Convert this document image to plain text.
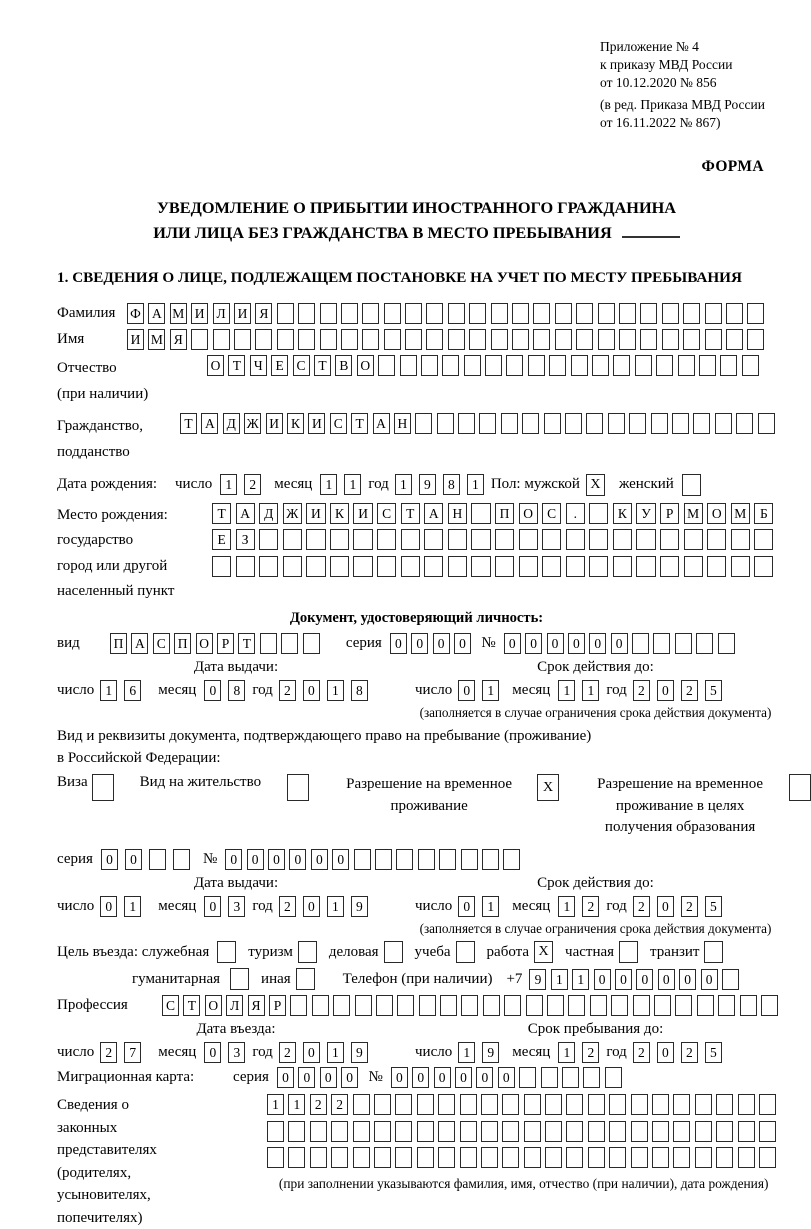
Приложение № 4
к приказу МВД России
от 10.12.2020 № 856
(в ред. Приказа МВД России
от 16.11.2022 № 867)
ФОРМА
УВЕДОМЛЕНИЕ О ПРИБЫТИИ ИНОСТРАННОГО ГРАЖДАНИНА
ИЛИ ЛИЦА БЕЗ ГРАЖДАНСТВА В МЕСТО ПРЕБЫВАНИЯ
1. СВЕДЕНИЯ О ЛИЦЕ, ПОДЛЕЖАЩЕМ ПОСТАНОВКЕ НА УЧЕТ ПО МЕСТУ ПРЕБЫВАНИЯ
Фамилия	Ф А М И Л И Я
Имя	И М Я
Отчество
(при наличии)
О Т Ч Е С Т В О
Гражданство,
подданство
Т А Д Ж И К И С Т А Н
Дата рождения:	число 1	2	месяц 1	1 год 1	9	8	1 Пол: мужской X женский
Место рождения:
государство
город или другой
населенный пункт
Т	А	Д Ж И	К	И	С	Т	А	Н	П	О	С	.	К	У	Р	М О М	Б
Е	З
Документ, удостоверяющий личность:
вид	П А С П О Р	Т	серия 0	0	0	0	№ 0	0	0	0	0	0
Дата выдачи:
число 1	6	месяц 0	8 год 2	0	1	8
Срок действия до:
число 0	1	месяц 1	1 год 2	0	2	5
(заполняется в случае ограничения срока действия документа)
Вид и реквизиты документа, подтверждающего право на пребывание (проживание)
в Российской Федерации:
Виза	Вид на жительство	Разрешение на временное проживание
X	Разрешение на временное проживание в целях получения образования
серия 0	0	№ 0	0	0	0	0	0
Дата выдачи:
число 0	1	месяц 0	3 год 2	0	1	9
Срок действия до:
число 0	1	месяц 1	2 год 2	0	2	5
(заполняется в случае ограничения срока действия документа)
Цель въезда: служебная	туризм деловая учеба работа X частная транзит
гуманитарная	иная	Телефон (при наличии) +7 9	1	1	0	0	0	0	0	0
Профессия	С Т О Л Я Р
Дата въезда:
число 2	7	месяц 0	3 год 2	0	1	9
Срок пребывания до:
число 1	9	месяц 1	2 год 2	0	2	5
Миграционная карта:	серия 0	0	0	0	№ 0	0	0	0	0	0
Сведения о
законных
представителях
(родителях,
усыновителях,
попечителях)
1	1	2	2
(при заполнении указываются фамилия, имя, отчество (при наличии), дата рождения)
